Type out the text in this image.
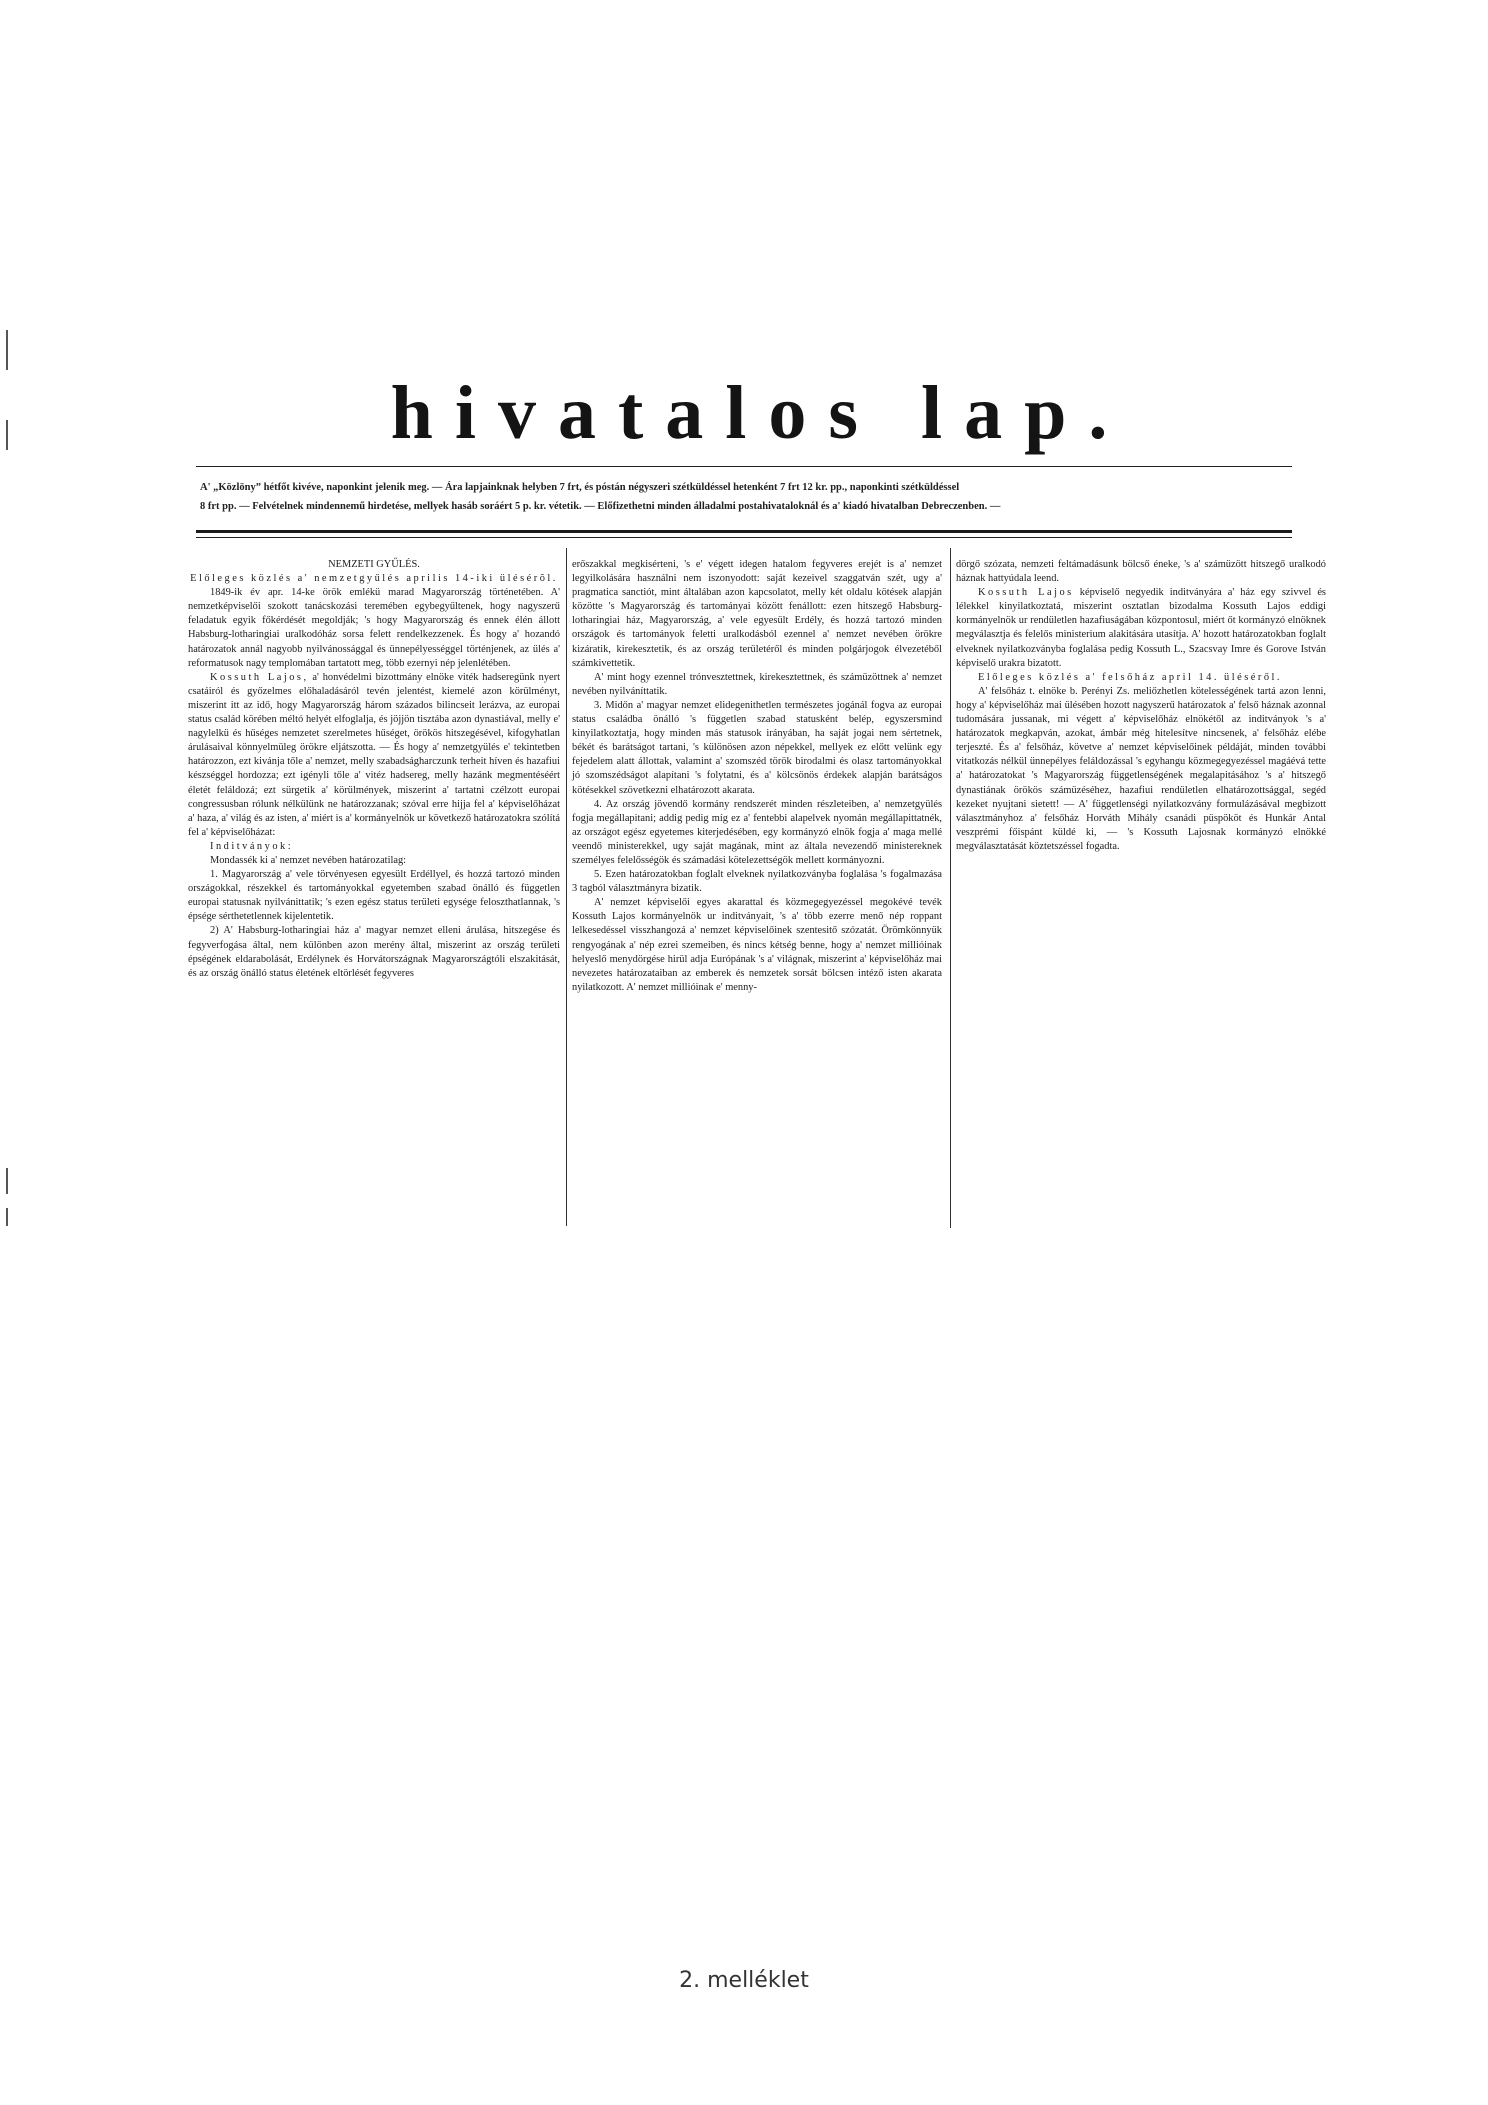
hivatalos lap.
A' „Közlöny” hétfőt kivéve, naponkint jelenik meg. — Ára lapjainknak helyben 7 frt, és póstán négyszeri szétküldéssel hetenként 7 frt 12 kr. pp., naponkinti szétküldéssel
8 frt pp. — Felvételnek mindennemű hirdetése, mellyek hasáb soráért 5 p. kr. vétetik. — Előfizethetni minden álladalmi postahivataloknál és a' kiadó hivatalban Debreczenben. —

NEMZETI GYŰLÉS.

Előleges közlés a' nemzetgyűlés aprilis 14-iki ülésérõl.

1849-ik év apr. 14-ke örök emlékü marad Magyarország történetében. A' nemzetképviselői szokott tanácskozási teremében egybegyűltenek, hogy nagyszerű feladatuk egyik főkérdését megoldják; 's hogy Magyarország és ennek élén állott Habsburg-lotharingiai uralkodóház sorsa felett rendelkezzenek. És hogy a' hozandó határozatok annál nagyobb nyilvánossággal és ünnepélyességgel történjenek, az ülés a' reformatusok nagy templomában tartatott meg, több ezernyi nép jelenlétében.

Kossuth Lajos, a' honvédelmi bizottmány elnöke viték hadseregünk nyert csatáiról és győzelmes előhaladásáról tevén jelentést, kiemelé azon körülményt, miszerint itt az idő, hogy Magyarország három százados bilincseit lerázva, az europai status család körében méltó helyét elfoglalja, és jöjjön tisztába azon dynastiával, melly e' nagylelkü és hűséges nemzetet szerelmetes hűséget, örökös hitszegésével, kifogyhatlan árulásaival könnyelmüleg örökre eljátszotta. — És hogy a' nemzetgyülés e' tekintetben határozzon, ezt kivánja tőle a' nemzet, melly szabadságharczunk terheit híven és hazafiui készséggel hordozza; ezt igényli tőle a' vitéz hadsereg, melly hazánk megmentéséért életét feláldozá; ezt sürgetik a' körülmények, miszerint a' tartatni czélzott europai congressusban rólunk nélkülünk ne határozzanak; szóval erre hijja fel a' képviselőházat a' haza, a' világ és az isten, a' miért is a' kormányelnök ur következő határozatokra szólítá fel a' képviselőházat:

Inditványok:

Mondassék ki a' nemzet nevében határozatilag:

1. Magyarország a' vele törvényesen egyesült Erdéllyel, és hozzá tartozó minden országokkal, részekkel és tartományokkal egyetemben szabad önálló és független europai statusnak nyilvánittatik; 's ezen egész status területi egysége feloszthatlannak, 's épsége sérthetetlennek kijelentetik.

2) A' Habsburg-lotharingiai ház a' magyar nemzet elleni árulása, hitszegése és fegyverfogása által, nem különben azon merény által, miszerint az ország területi épségének eldarabolását, Erdélynek és Horvátországnak Magyarországtóli elszakitását, és az ország önálló status életének eltörlését fegyveres

erőszakkal megkisérteni, 's e' végett idegen hatalom fegyveres erejét is a' nemzet legyilkolására használni nem iszonyodott: saját kezeivel szaggatván szét, ugy a' pragmatica sanctiót, mint általában azon kapcsolatot, melly két oldalu kötések alapján közötte 's Magyarország és tartományai között fenállott: ezen hitszegő Habsburg-lotharingiai ház, Magyarország, a' vele egyesült Erdély, és hozzá tartozó minden országok és tartományok feletti uralkodásból ezennel a' nemzet nevében örökre kizáratik, kirekesztetik, és az ország területéről és minden polgárjogok élvezetéből számkivettetik.

A' mint hogy ezennel trónvesztettnek, kirekesztettnek, és számüzöttnek a' nemzet nevében nyilváníttatik.

3. Midőn a' magyar nemzet elidegenithetlen természetes jogánál fogva az europai status családba önálló 's független szabad statusként belép, egyszersmind kinyilatkoztatja, hogy minden más statusok irányában, ha saját jogai nem sértetnek, békét és barátságot tartani, 's különösen azon népekkel, mellyek ez előtt velünk egy fejedelem alatt állottak, valamint a' szomszéd török birodalmi és olasz tartományokkal jó szomszédságot alapítani 's folytatni, és a' kölcsönös érdekek alapján barátságos kötésekkel szövetkezni elhatározott akarata.

4. Az ország jövendő kormány rendszerét minden részleteiben, a' nemzetgyülés fogja megállapitani; addig pedig míg ez a' fentebbi alapelvek nyomán megállapittatnék, az országot egész egyetemes kiterjedésében, egy kormányzó elnök fogja a' maga mellé veendő ministerekkel, ugy saját magának, mint az általa nevezendő ministereknek személyes felelősségök és számadási kötelezettségök mellett kormányozni.

5. Ezen határozatokban foglalt elveknek nyilatkozványba foglalása 's fogalmazása 3 tagból választmányra bizatik.

A' nemzet képviselői egyes akarattal és közmegegyezéssel megokévé tevék Kossuth Lajos kormányelnök ur inditványait, 's a' több ezerre menő nép roppant lelkesedéssel visszhangozá a' nemzet képviselőinek szentesitő szózatát. Örömkönnyük rengyogának a' nép ezrei szemeiben, és nincs kétség benne, hogy a' nemzet millióinak helyeslő menydörgése hirül adja Európának 's a' világnak, miszerint a' képviselőház mai nevezetes határozataiban az emberek és nemzetek sorsát bölcsen intéző isten akarata nyilatkozott. A' nemzet millióinak e' menny-

dörgő szózata, nemzeti feltámadásunk bölcső éneke, 's a' számüzött hitszegő uralkodó háznak hattyúdala leend.

Kossuth Lajos képviselő negyedik inditványára a' ház egy szivvel és lélekkel kinyilatkoztatá, miszerint osztatlan bizodalma Kossuth Lajos eddigi kormányelnök ur rendületlen hazafiuságában központosul, miért őt kormányzó elnöknek megválasztja és felelős ministerium alakitására utasítja. A' hozott határozatokban foglalt elveknek nyilatkozványba foglalása pedig Kossuth L., Szacsvay Imre és Gorove István képviselő urakra bizatott.

Előleges közlés a' felsőház april 14. üléséről.

A' felsőház t. elnöke b. Perényi Zs. meliőzhetlen kötelességének tartá azon lenni, hogy a' képviselőház mai ülésében hozott nagyszerű határozatok a' felső háznak azonnal tudomására jussanak, mi végett a' képviselőház elnökétől az inditványok 's a' határozatok megkapván, azokat, ámbár még hitelesítve nincsenek, a' felsőház elébe terjeszté. És a' felsőház, követve a' nemzet képviselőinek példáját, minden további vitatkozás nélkül ünnepélyes feláldozással 's egyhangu közmegegyezéssel magáévá tette a' határozatokat 's Magyarország függetlenségének megalapitásához 's a' hitszegő dynastiának örökös számüzéséhez, hazafiui rendületlen elhatározottsággal, segéd kezeket nyujtani sietett! — A' függetlenségi nyilatkozvány formulázásával megbizott választmányhoz a' felsőház Horváth Mihály csanádi püspököt és Hunkár Antal veszprémi főispánt küldé ki, — 's Kossuth Lajosnak kormányzó elnökké megválasztatását köztetszéssel fogadta.

2. melléklet
